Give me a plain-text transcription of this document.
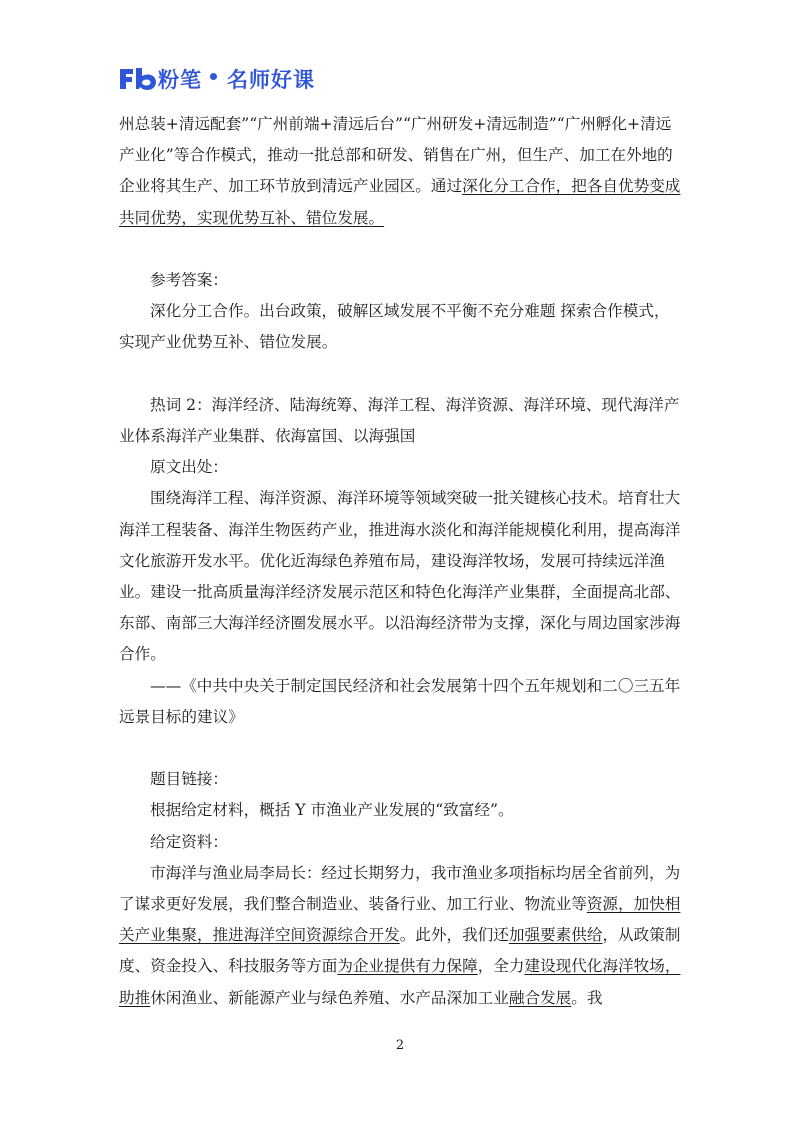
粉笔 名师好课

州总装+清远配套”“广州前端+清远后台”“广州研发+清远制造”“广州孵化+清远产业化”等合作模式，推动一批总部和研发、销售在广州，但生产、加工在外地的企业将其生产、加工环节放到清远产业园区。通过深化分工合作，把各自优势变成共同优势，实现优势互补、错位发展。

参考答案：

深化分工合作。出台政策，破解区域发展不平衡不充分难题 探索合作模式，实现产业优势互补、错位发展。

热词 2：海洋经济、陆海统筹、海洋工程、海洋资源、海洋环境、现代海洋产业体系海洋产业集群、依海富国、以海强国

原文出处：

围绕海洋工程、海洋资源、海洋环境等领域突破一批关键核心技术。培育壮大海洋工程装备、海洋生物医药产业，推进海水淡化和海洋能规模化利用，提高海洋文化旅游开发水平。优化近海绿色养殖布局，建设海洋牧场，发展可持续远洋渔业。建设一批高质量海洋经济发展示范区和特色化海洋产业集群，全面提高北部、东部、南部三大海洋经济圈发展水平。以沿海经济带为支撑，深化与周边国家涉海合作。

——《中共中央关于制定国民经济和社会发展第十四个五年规划和二〇三五年远景目标的建议》

题目链接：

根据给定材料，概括 Y 市渔业产业发展的“致富经”。

给定资料：

市海洋与渔业局李局长：经过长期努力，我市渔业多项指标均居全省前列，为了谋求更好发展，我们整合制造业、装备行业、加工行业、物流业等资源，加快相关产业集聚，推进海洋空间资源综合开发。此外，我们还加强要素供给，从政策制度、资金投入、科技服务等方面为企业提供有力保障，全力建设现代化海洋牧场，助推休闲渔业、新能源产业与绿色养殖、水产品深加工业融合发展。我

2
